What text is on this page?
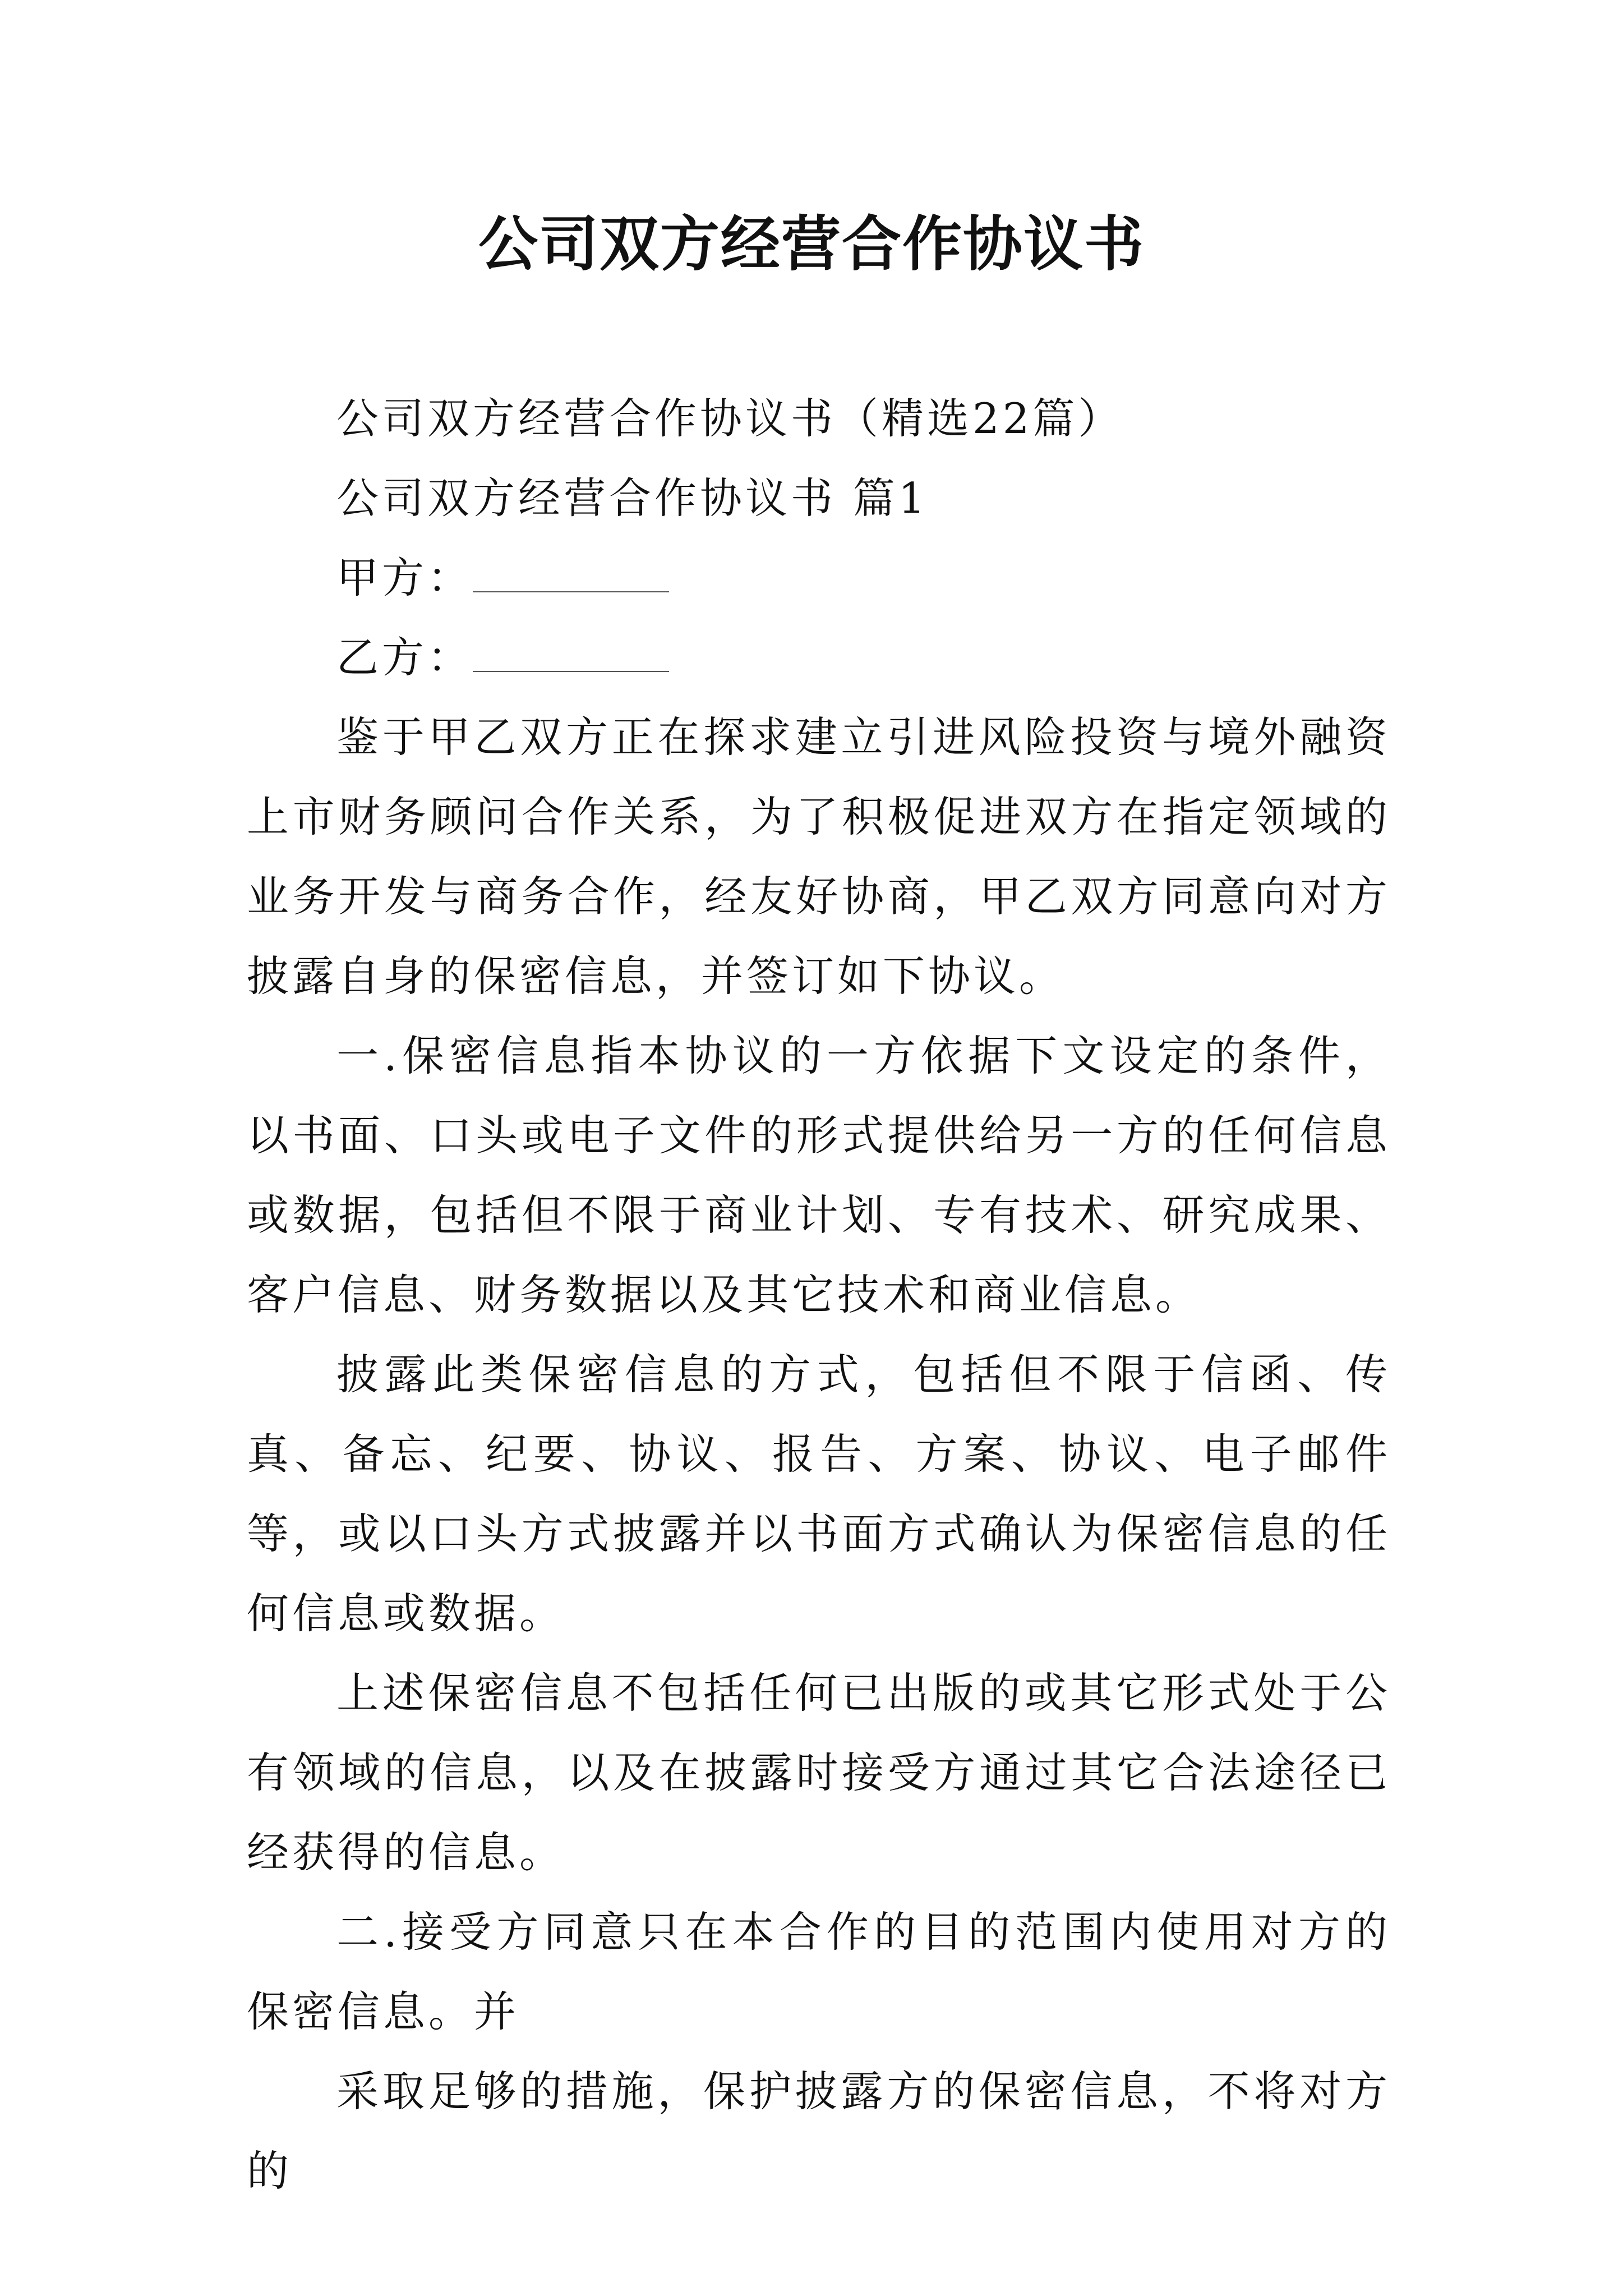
公司双方经营合作协议书

公司双方经营合作协议书（精选22篇）

公司双方经营合作协议书 篇1

甲方：

乙方：

鉴于甲乙双方正在探求建立引进风险投资与境外融资上市财务顾问合作关系，为了积极促进双方在指定领域的业务开发与商务合作，经友好协商，甲乙双方同意向对方披露自身的保密信息，并签订如下协议。

一.保密信息指本协议的一方依据下文设定的条件，以书面、口头或电子文件的形式提供给另一方的任何信息或数据，包括但不限于商业计划、专有技术、研究成果、客户信息、财务数据以及其它技术和商业信息。

披露此类保密信息的方式，包括但不限于信函、传真、备忘、纪要、协议、报告、方案、协议、电子邮件等，或以口头方式披露并以书面方式确认为保密信息的任何信息或数据。

上述保密信息不包括任何已出版的或其它形式处于公有领域的信息，以及在披露时接受方通过其它合法途径已经获得的信息。

二.接受方同意只在本合作的目的范围内使用对方的保密信息。并

采取足够的措施，保护披露方的保密信息，不将对方的
